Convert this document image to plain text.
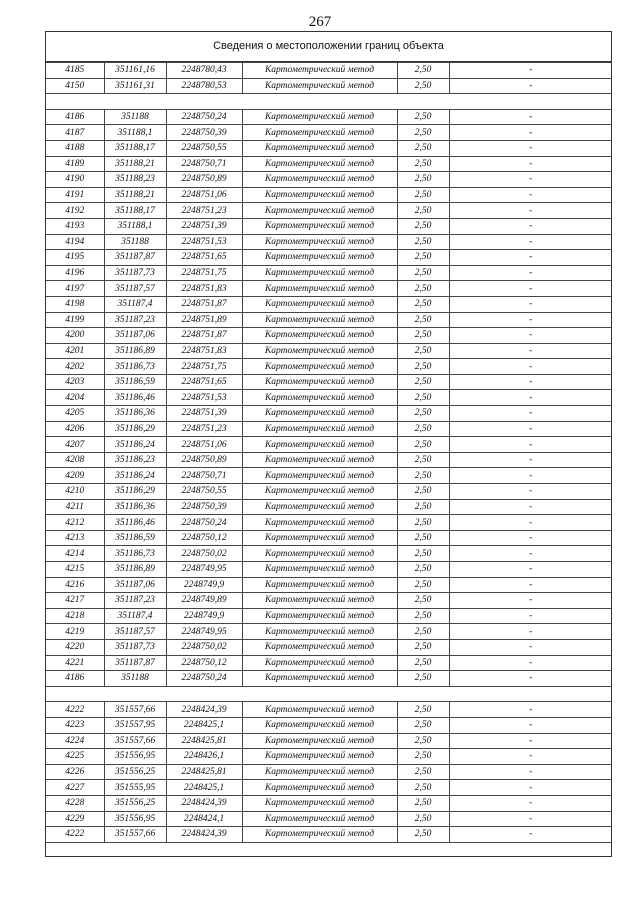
267
Сведения о местоположении границ объекта
4185	351161,16	2248780,43	Картометрический метод	2,50	-
4150	351161,31	2248780,53	Картометрический метод	2,50	-

4186	351188	2248750,24	Картометрический метод	2,50	-
4187	351188,1	2248750,39	Картометрический метод	2,50	-
4188	351188,17	2248750,55	Картометрический метод	2,50	-
4189	351188,21	2248750,71	Картометрический метод	2,50	-
4190	351188,23	2248750,89	Картометрический метод	2,50	-
4191	351188,21	2248751,06	Картометрический метод	2,50	-
4192	351188,17	2248751,23	Картометрический метод	2,50	-
4193	351188,1	2248751,39	Картометрический метод	2,50	-
4194	351188	2248751,53	Картометрический метод	2,50	-
4195	351187,87	2248751,65	Картометрический метод	2,50	-
4196	351187,73	2248751,75	Картометрический метод	2,50	-
4197	351187,57	2248751,83	Картометрический метод	2,50	-
4198	351187,4	2248751,87	Картометрический метод	2,50	-
4199	351187,23	2248751,89	Картометрический метод	2,50	-
4200	351187,06	2248751,87	Картометрический метод	2,50	-
4201	351186,89	2248751,83	Картометрический метод	2,50	-
4202	351186,73	2248751,75	Картометрический метод	2,50	-
4203	351186,59	2248751,65	Картометрический метод	2,50	-
4204	351186,46	2248751,53	Картометрический метод	2,50	-
4205	351186,36	2248751,39	Картометрический метод	2,50	-
4206	351186,29	2248751,23	Картометрический метод	2,50	-
4207	351186,24	2248751,06	Картометрический метод	2,50	-
4208	351186,23	2248750,89	Картометрический метод	2,50	-
4209	351186,24	2248750,71	Картометрический метод	2,50	-
4210	351186,29	2248750,55	Картометрический метод	2,50	-
4211	351186,36	2248750,39	Картометрический метод	2,50	-
4212	351186,46	2248750,24	Картометрический метод	2,50	-
4213	351186,59	2248750,12	Картометрический метод	2,50	-
4214	351186,73	2248750,02	Картометрический метод	2,50	-
4215	351186,89	2248749,95	Картометрический метод	2,50	-
4216	351187,06	2248749,9	Картометрический метод	2,50	-
4217	351187,23	2248749,89	Картометрический метод	2,50	-
4218	351187,4	2248749,9	Картометрический метод	2,50	-
4219	351187,57	2248749,95	Картометрический метод	2,50	-
4220	351187,73	2248750,02	Картометрический метод	2,50	-
4221	351187,87	2248750,12	Картометрический метод	2,50	-
4186	351188	2248750,24	Картометрический метод	2,50	-

4222	351557,66	2248424,39	Картометрический метод	2,50	-
4223	351557,95	2248425,1	Картометрический метод	2,50	-
4224	351557,66	2248425,81	Картометрический метод	2,50	-
4225	351556,95	2248426,1	Картометрический метод	2,50	-
4226	351556,25	2248425,81	Картометрический метод	2,50	-
4227	351555,95	2248425,1	Картометрический метод	2,50	-
4228	351556,25	2248424,39	Картометрический метод	2,50	-
4229	351556,95	2248424,1	Картометрический метод	2,50	-
4222	351557,66	2248424,39	Картометрический метод	2,50	-
